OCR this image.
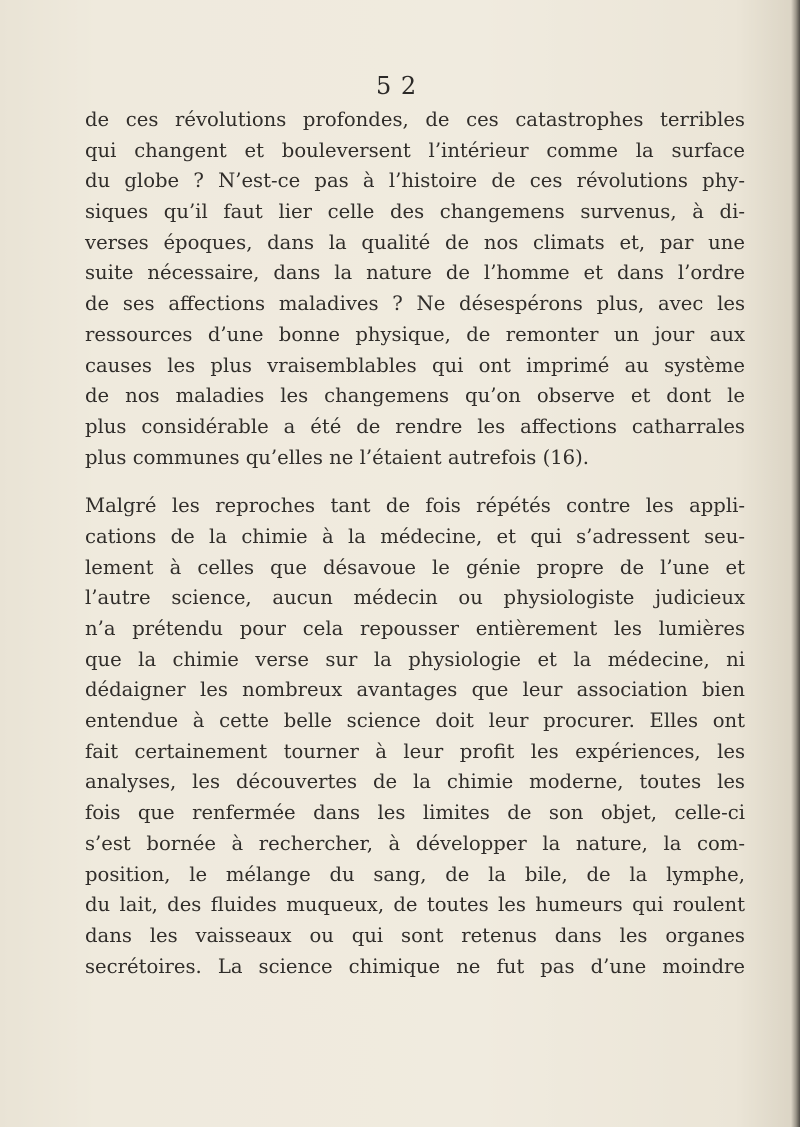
5 2
de ces révolutions profondes, de ces catastrophes terribles
qui changent et bouleversent l’intérieur comme la surface
du globe ? N’est-ce pas à l’histoire de ces révolutions phy-
siques qu’il faut lier celle des changemens survenus, à di-
verses époques, dans la qualité de nos climats et, par une
suite nécessaire, dans la nature de l’homme et dans l’ordre
de ses affections maladives ? Ne désespérons plus, avec les
ressources d’une bonne physique, de remonter un jour aux
causes les plus vraisemblables qui ont imprimé au système
de nos maladies les changemens qu’on observe et dont le
plus considérable a été de rendre les affections catharrales
plus communes qu’elles ne l’étaient autrefois (16).
Malgré les reproches tant de fois répétés contre les appli-
cations de la chimie à la médecine, et qui s’adressent seu-
lement à celles que désavoue le génie propre de l’une et
l’autre science, aucun médecin ou physiologiste judicieux
n’a prétendu pour cela repousser entièrement les lumières
que la chimie verse sur la physiologie et la médecine, ni
dédaigner les nombreux avantages que leur association bien
entendue à cette belle science doit leur procurer. Elles ont
fait certainement tourner à leur profit les expériences, les
analyses, les découvertes de la chimie moderne, toutes les
fois que renfermée dans les limites de son objet, celle-ci
s’est bornée à rechercher, à développer la nature, la com-
position, le mélange du sang, de la bile, de la lymphe,
du lait, des fluides muqueux, de toutes les humeurs qui roulent
dans les vaisseaux ou qui sont retenus dans les organes
secrétoires. La science chimique ne fut pas d’une moindre
